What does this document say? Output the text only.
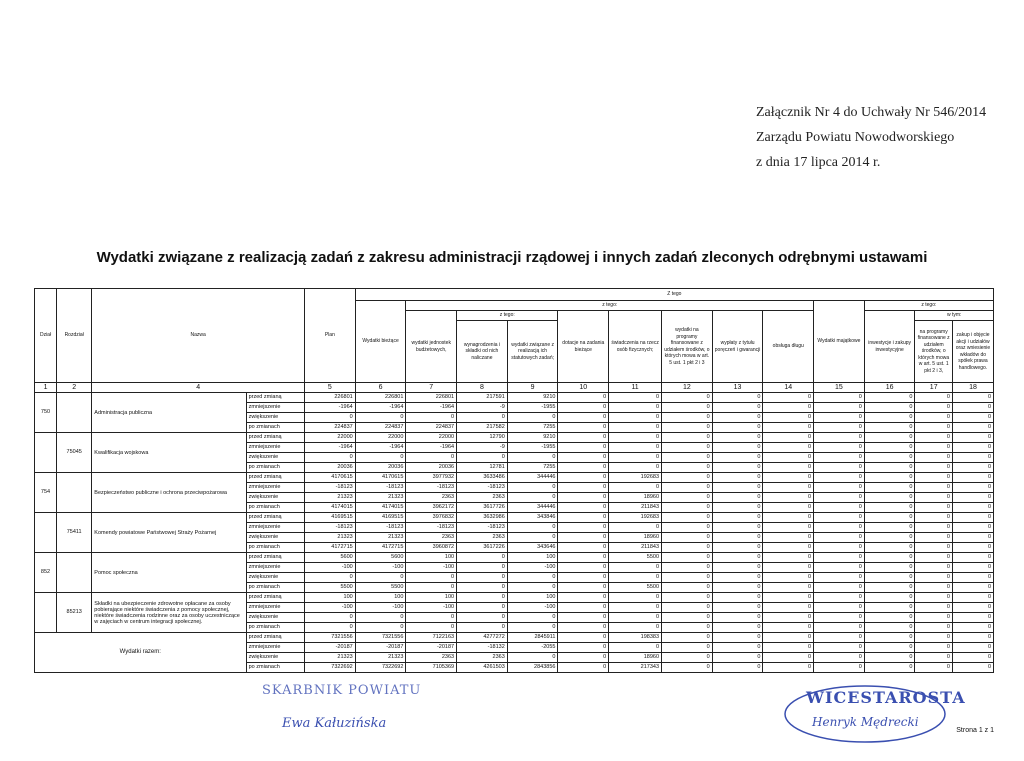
Załącznik Nr 4 do Uchwały Nr 546/2014
Zarządu Powiatu Nowodworskiego
z dnia 17 lipca 2014 r.
Wydatki związane z realizacją zadań z zakresu administracji rządowej i innych zadań zleconych odrębnymi ustawami
Dział	Rozdział	Nazwa		Plan	Z tego												
					Wydatki bieżące	z tego:								Wydatki majątkowe	z tego:		
						wydatki jednostek budżetowych,	z tego:		dotacje na zadania bieżące	świadczenia na rzecz osób fizycznych;	wydatki na programy finansowane z udziałem środków, o których mowa w art. 5 ust. 1 pkt 2 i 3	wypłaty z tytułu poręczeń i gwarancji	obsługa długu		inwestycje i zakupy inwestycyjne	w tym:	
							wynagrodzenia i składki od nich naliczane	wydatki związane z realizacją ich statutowych zadań;								na programy finansowane z udziałem środków, o których mowa w art. 5 ust. 1 pkt 2 i 3,	zakup i objęcie akcji i udziałów oraz wniesienie wkładów do spółek prawa handlowego.

1	2	4		5	6	7	8	9	10	11	12	13	14	15	16	17	18
750		Administracja publiczna	przed zmianą	226801	226801	226801	217591	9210	0	0	0	0	0	0	0	0	0
			zmniejszenie	-1964	-1964	-1964	-9	-1955	0	0	0	0	0	0	0	0	0
			zwiększenie	0	0	0	0	0	0	0	0	0	0	0	0	0	0
			po zmianach	224837	224837	224837	217582	7255	0	0	0	0	0	0	0	0	0
	75045	Kwalifikacja wojskowa	przed zmianą	22000	22000	22000	12790	9210	0	0	0	0	0	0	0	0	0
			zmniejszenie	-1964	-1964	-1964	-9	-1955	0	0	0	0	0	0	0	0	0
			zwiększenie	0	0	0	0	0	0	0	0	0	0	0	0	0	0
			po zmianach	20036	20036	20036	12781	7255	0	0	0	0	0	0	0	0	0
754		Bezpieczeństwo publiczne i ochrona przeciwpożarowa	przed zmianą	4170615	4170615	3977932	3633486	344446	0	192683	0	0	0	0	0	0	0
			zmniejszenie	-18123	-18123	-18123	-18123	0	0	0	0	0	0	0	0	0	0
			zwiększenie	21323	21323	2363	2363	0	0	18960	0	0	0	0	0	0	0
			po zmianach	4174015	4174015	3962172	3617726	344446	0	211843	0	0	0	0	0	0	0
	75411	Komendy powiatowe Państwowej Straży Pożarnej	przed zmianą	4169515	4169515	3976832	3632986	343846	0	192683	0	0	0	0	0	0	0
			zmniejszenie	-18123	-18123	-18123	-18123	0	0	0	0	0	0	0	0	0	0
			zwiększenie	21323	21323	2363	2363	0	0	18960	0	0	0	0	0	0	0
			po zmianach	4172715	4172715	3960872	3617226	343646	0	211843	0	0	0	0	0	0	0
852		Pomoc społeczna	przed zmianą	5600	5600	100	0	100	0	5500	0	0	0	0	0	0	0
			zmniejszenie	-100	-100	-100	0	-100	0	0	0	0	0	0	0	0	0
			zwiększenie	0	0	0	0	0	0	0	0	0	0	0	0	0	0
			po zmianach	5500	5500	0	0	0	0	5500	0	0	0	0	0	0	0
	85213	Składki na ubezpieczenie zdrowotne opłacane za osoby pobierające niektóre świadczenia z pomocy społecznej, niektóre świadczenia rodzinne oraz za osoby uczestniczące w zajęciach w centrum integracji społecznej.	przed zmianą	100	100	100	0	100	0	0	0	0	0	0	0	0	0
			zmniejszenie	-100	-100	-100	0	-100	0	0	0	0	0	0	0	0	0
			zwiększenie	0	0	0	0	0	0	0	0	0	0	0	0	0	0
			po zmianach	0	0	0	0	0	0	0	0	0	0	0	0	0	0
Wydatki razem:			przed zmianą	7321556	7321556	7122163	4277272	2845911	0	198383	0	0	0	0	0	0	0
			zmniejszenie	-20187	-20187	-20187	-18132	-2055	0	0	0	0	0	0	0	0	0
			zwiększenie	21323	21323	2363	2363	0	0	18960	0	0	0	0	0	0	0
			po zmianach	7322692	7322692	7105369	4261503	2843856	0	217343	0	0	0	0	0	0	0
SKARBNIK POWIATU
Ewa Kałuzińska
WICESTAROSTA
Henryk Mędrecki
Strona 1 z 1
